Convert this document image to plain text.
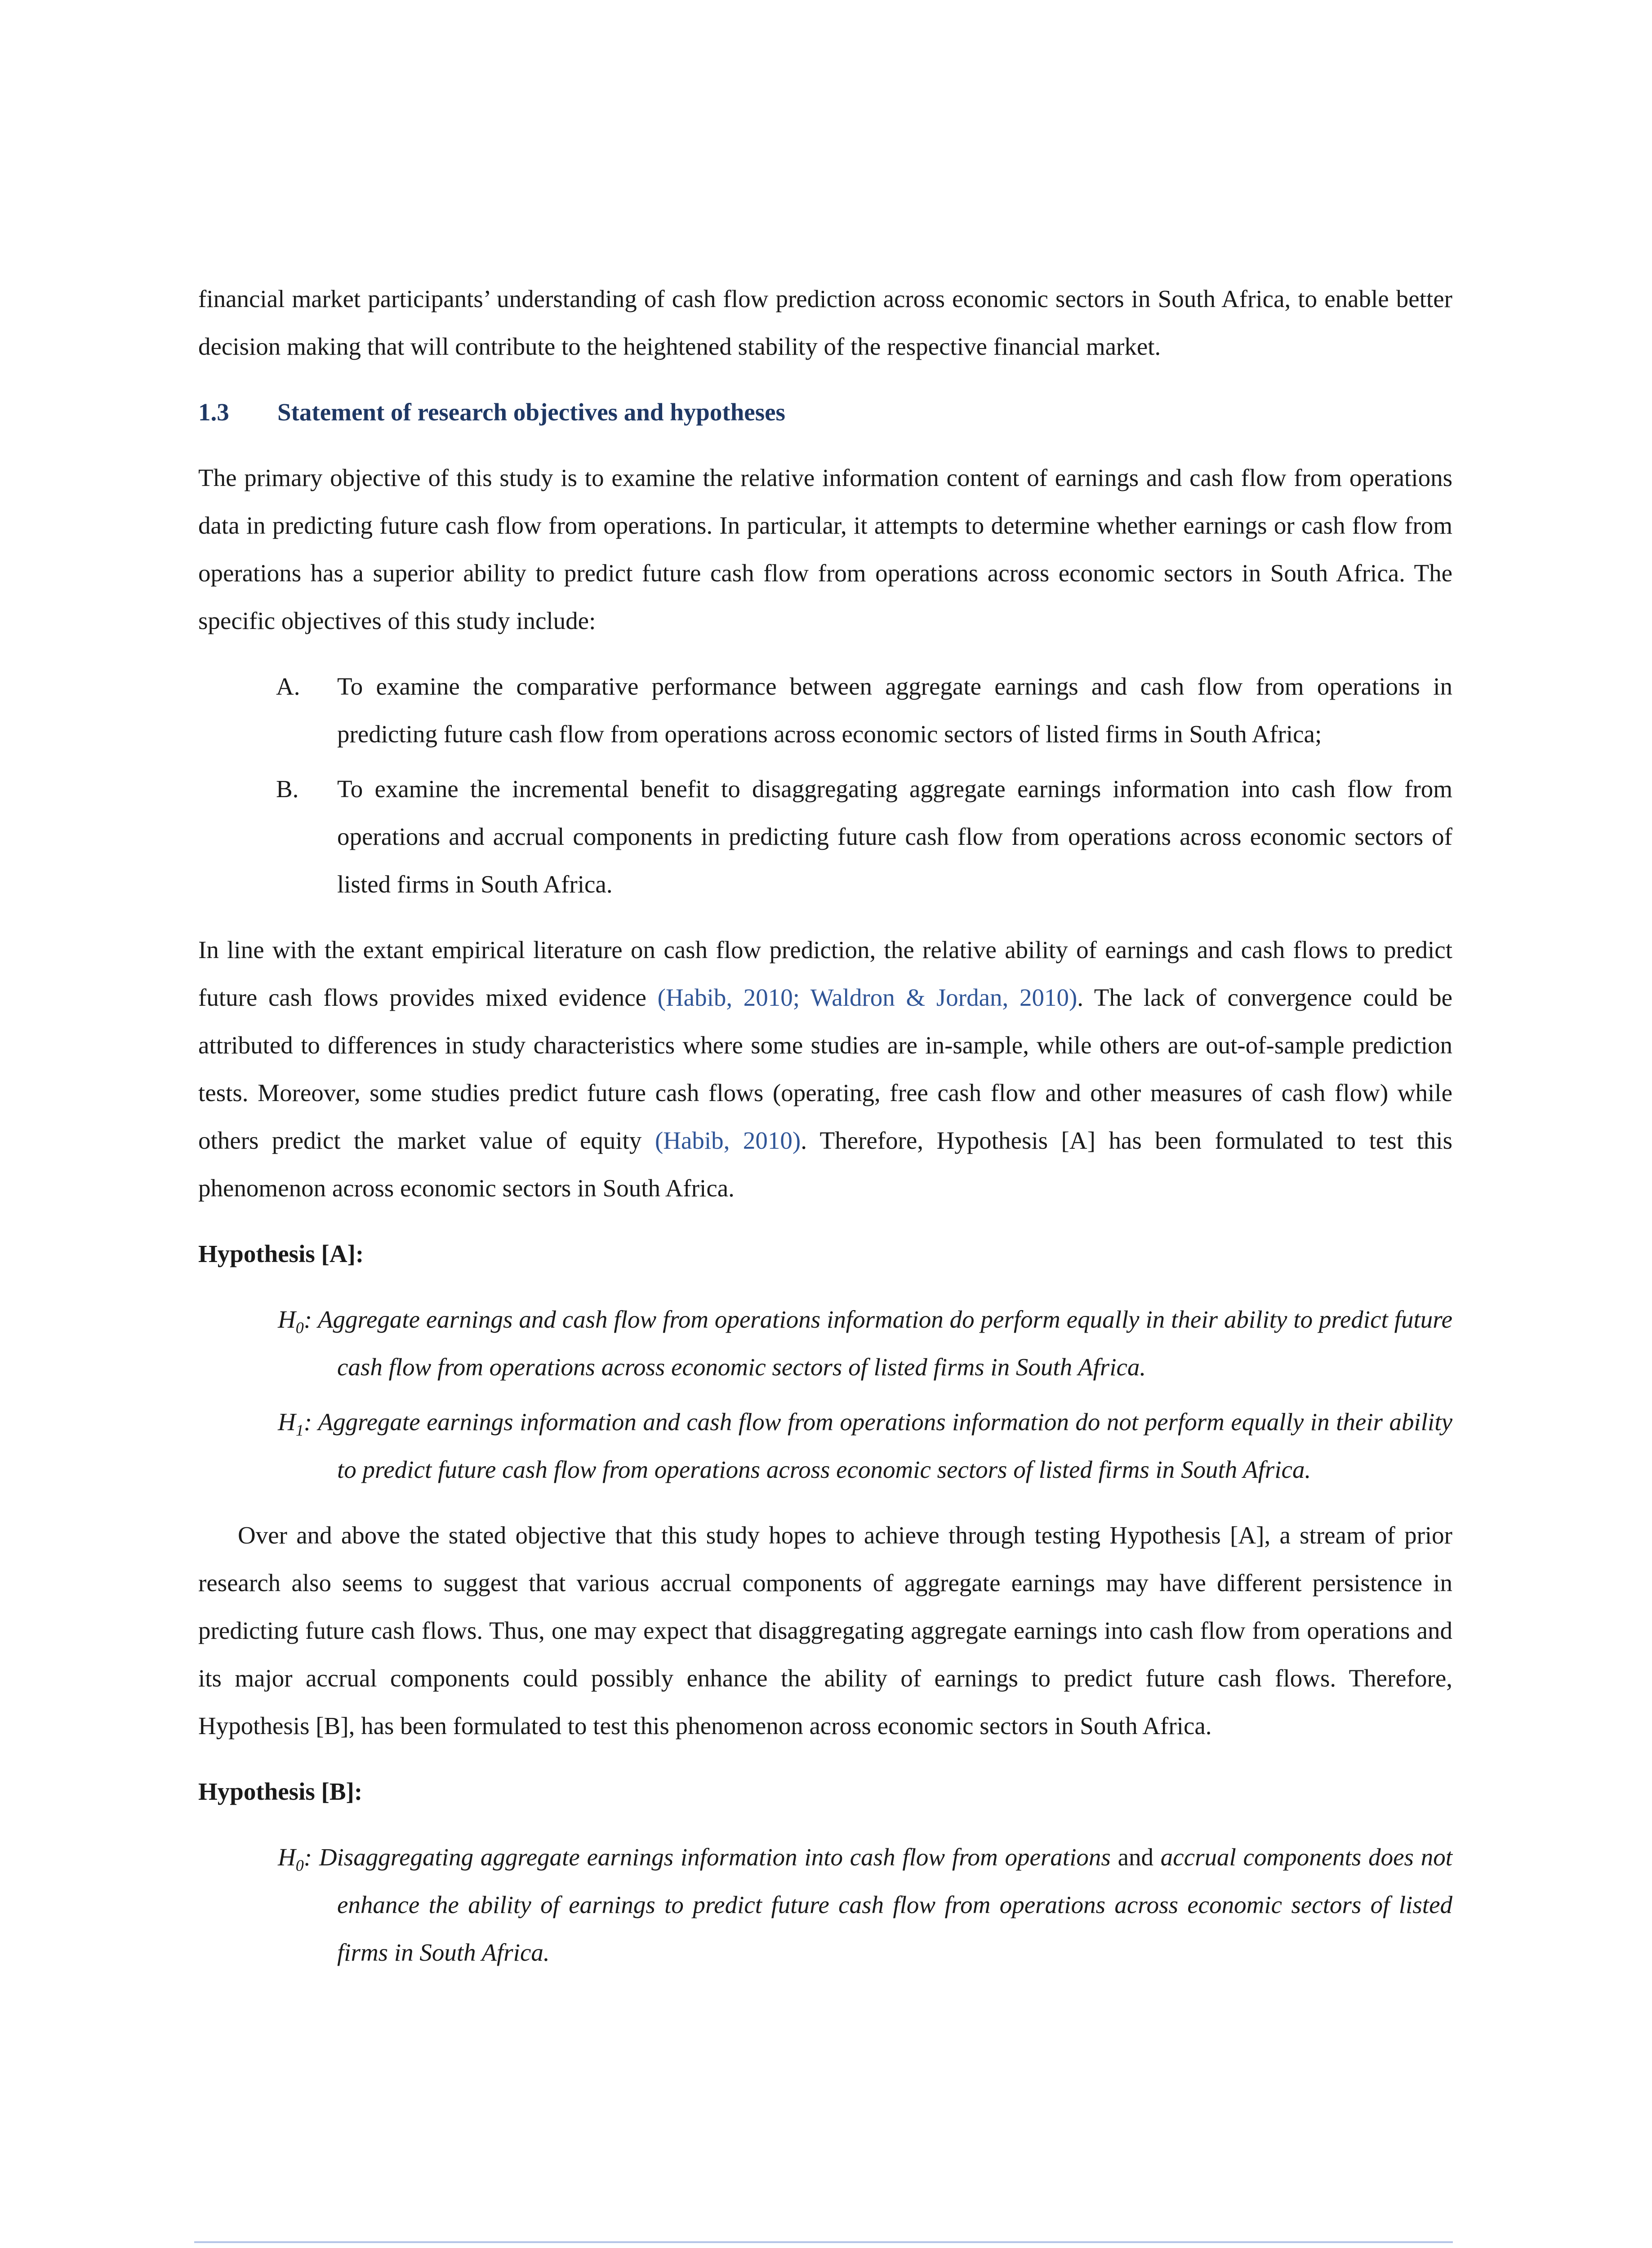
financial market participants’ understanding of cash flow prediction across economic sectors in South Africa, to enable better decision making that will contribute to the heightened stability of the respective financial market.

1.3 Statement of research objectives and hypotheses

The primary objective of this study is to examine the relative information content of earnings and cash flow from operations data in predicting future cash flow from operations. In particular, it attempts to determine whether earnings or cash flow from operations has a superior ability to predict future cash flow from operations across economic sectors in South Africa. The specific objectives of this study include:

A. To examine the comparative performance between aggregate earnings and cash flow from operations in predicting future cash flow from operations across economic sectors of listed firms in South Africa;
B. To examine the incremental benefit to disaggregating aggregate earnings information into cash flow from operations and accrual components in predicting future cash flow from operations across economic sectors of listed firms in South Africa.

In line with the extant empirical literature on cash flow prediction, the relative ability of earnings and cash flows to predict future cash flows provides mixed evidence (Habib, 2010; Waldron & Jordan, 2010). The lack of convergence could be attributed to differences in study characteristics where some studies are in-sample, while others are out-of-sample prediction tests. Moreover, some studies predict future cash flows (operating, free cash flow and other measures of cash flow) while others predict the market value of equity (Habib, 2010). Therefore, Hypothesis [A] has been formulated to test this phenomenon across economic sectors in South Africa.

Hypothesis [A]:

$H_0$: Aggregate earnings and cash flow from operations information do perform equally in their ability to predict future cash flow from operations across economic sectors of listed firms in South Africa.

$H_1$: Aggregate earnings information and cash flow from operations information do not perform equally in their ability to predict future cash flow from operations across economic sectors of listed firms in South Africa.

Over and above the stated objective that this study hopes to achieve through testing Hypothesis [A], a stream of prior research also seems to suggest that various accrual components of aggregate earnings may have different persistence in predicting future cash flows. Thus, one may expect that disaggregating aggregate earnings into cash flow from operations and its major accrual components could possibly enhance the ability of earnings to predict future cash flows. Therefore, Hypothesis [B], has been formulated to test this phenomenon across economic sectors in South Africa.

Hypothesis [B]:

$H_0$: Disaggregating aggregate earnings information into cash flow from operations and accrual components does not enhance the ability of earnings to predict future cash flow from operations across economic sectors of listed firms in South Africa.
